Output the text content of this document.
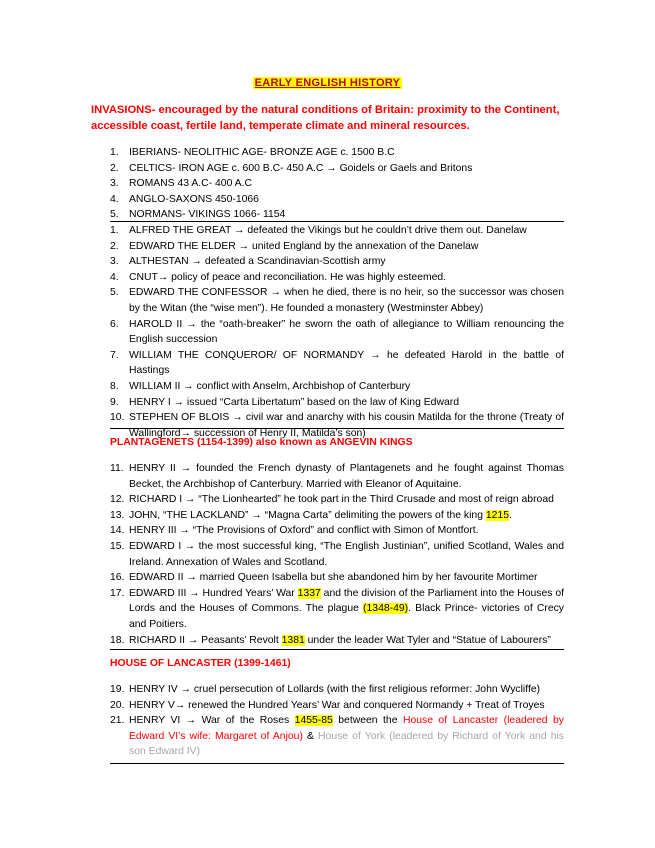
EARLY ENGLISH HISTORY
INVASIONS- encouraged by the natural conditions of Britain: proximity to the Continent, accessible coast, fertile land, temperate climate and mineral resources.
1. IBERIANS- NEOLITHIC AGE- BRONZE AGE c. 1500 B.C
2. CELTICS- IRON AGE c. 600 B.C- 450 A.C → Goidels or Gaels and Britons
3. ROMANS 43 A.C- 400 A.C
4. ANGLO-SAXONS 450-1066
5. NORMANS- VIKINGS 1066- 1154
1. ALFRED THE GREAT → defeated the Vikings but he couldn’t drive them out. Danelaw
2. EDWARD THE ELDER → united England by the annexation of the Danelaw
3. ALTHESTAN → defeated a Scandinavian-Scottish army
4. CNUT→ policy of peace and reconciliation. He was highly esteemed.
5. EDWARD THE CONFESSOR → when he died, there is no heir, so the successor was chosen by the Witan (the “wise men”). He founded a monastery (Westminster Abbey)
6. HAROLD II → the “oath-breaker” he sworn the oath of allegiance to William renouncing the English succession
7. WILLIAM THE CONQUEROR/ OF NORMANDY → he defeated Harold in the battle of Hastings
8. WILLIAM II → conflict with Anselm, Archbishop of Canterbury
9. HENRY I → issued “Carta Libertatum” based on the law of King Edward
10. STEPHEN OF BLOIS → civil war and anarchy with his cousin Matilda for the throne (Treaty of Wallingford→ succession of Henry II, Matilda’s son)
PLANTAGENETS (1154-1399) also known as ANGEVIN KINGS
11. HENRY II → founded the French dynasty of Plantagenets and he fought against Thomas Becket, the Archbishop of Canterbury. Married with Eleanor of Aquitaine.
12. RICHARD I → “The Lionhearted” he took part in the Third Crusade and most of reign abroad
13. JOHN, “THE LACKLAND” → “Magna Carta” delimiting the powers of the king 1215.
14. HENRY III → “The Provisions of Oxford” and conflict with Simon of Montfort.
15. EDWARD I → the most successful king, “The English Justinian”, unified Scotland, Wales and Ireland. Annexation of Wales and Scotland.
16. EDWARD II → married Queen Isabella but she abandoned him by her favourite Mortimer
17. EDWARD III → Hundred Years’ War 1337 and the division of the Parliament into the Houses of Lords and the Houses of Commons. The plague (1348-49). Black Prince- victories of Crecy and Poitiers.
18. RICHARD II → Peasants’ Revolt 1381 under the leader Wat Tyler and “Statue of Labourers”
HOUSE OF LANCASTER (1399-1461)
19. HENRY IV → cruel persecution of Lollards (with the first religious reformer: John Wycliffe)
20. HENRY V→ renewed the Hundred Years’ War and conquered Normandy + Treat of Troyes
21. HENRY VI → War of the Roses 1455-85 between the House of Lancaster (leadered by Edward VI’s wife: Margaret of Anjou) & House of York (leadered by Richard of York and his son Edward IV)
